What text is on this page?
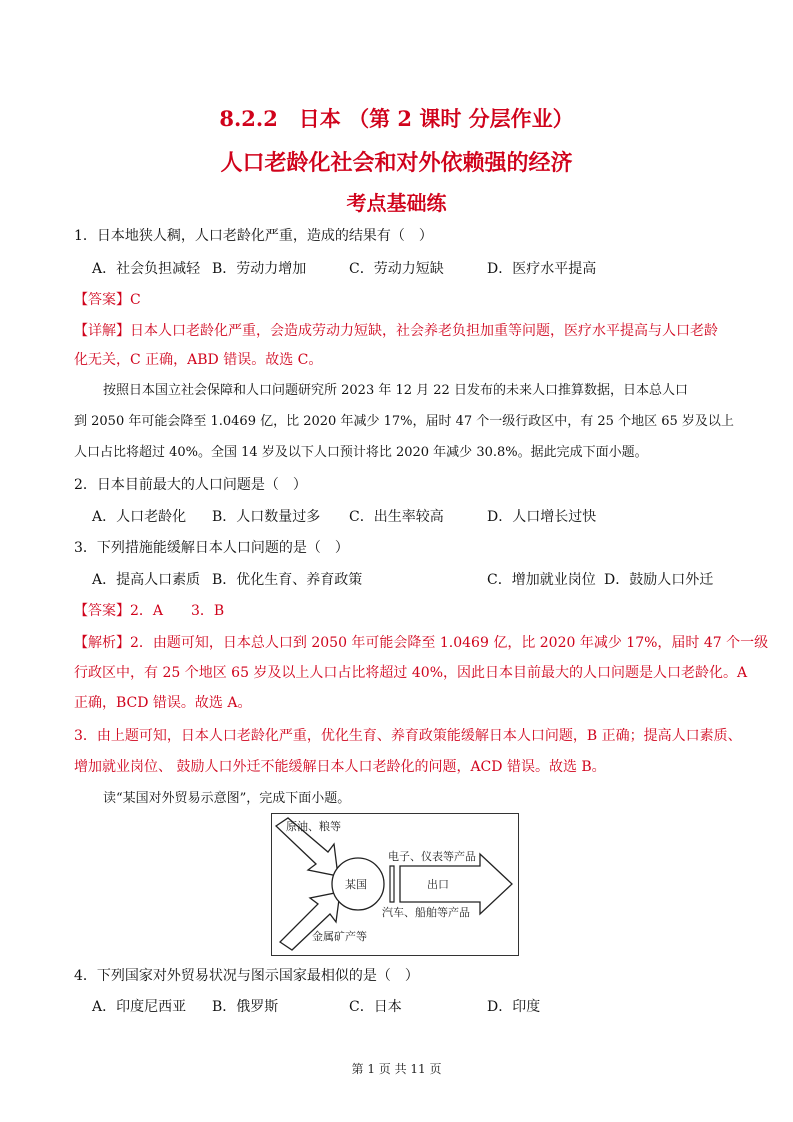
8.2.2　日本 （第 2 课时 分层作业）
人口老龄化社会和对外依赖强的经济
考点基础练
1．日本地狭人稠，人口老龄化严重，造成的结果有（　）
A．社会负担减轻 B．劳动力增加	C．劳动力短缺	D．医疗水平提高
【答案】C
【详解】日本人口老龄化严重，会造成劳动力短缺，社会养老负担加重等问题，医疗水平提高与人口老龄
化无关，C 正确，ABD 错误。故选 C。
按照日本国立社会保障和人口问题研究所 2023 年 12 月 22 日发布的未来人口推算数据，日本总人口
到 2050 年可能会降至 1.0469 亿，比 2020 年减少 17%，届时 47 个一级行政区中，有 25 个地区 65 岁及以上
人口占比将超过 40%。全国 14 岁及以下人口预计将比 2020 年减少 30.8%。据此完成下面小题。
2．日本目前最大的人口问题是（　）
A．人口老龄化 B．人口数量过多 C．出生率较高	D．人口增长过快
3．下列措施能缓解日本人口问题的是（　）
A．提高人口素质 B．优化生育、养育政策	C．增加就业岗位 D．鼓励人口外迁
【答案】2．A　　3．B
【解析】2．由题可知，日本总人口到 2050 年可能会降至 1.0469 亿，比 2020 年减少 17%，届时 47 个一级
行政区中，有 25 个地区 65 岁及以上人口占比将超过 40%，因此日本目前最大的人口问题是人口老龄化。A
正确，BCD 错误。故选 A。
3．由上题可知，日本人口老龄化严重，优化生育、养育政策能缓解日本人口问题，B 正确；提高人口素质、
增加就业岗位、 鼓励人口外迁不能缓解日本人口老龄化的问题，ACD 错误。故选 B。
读“某国对外贸易示意图”，完成下面小题。
原油、粮等
金属矿产等
某国	出口
电子、仪表等产品
汽车、船舶等产品
4．下列国家对外贸易状况与图示国家最相似的是（　）
A．印度尼西亚 B．俄罗斯	C．日本	D．印度
第 1 页 共 11 页
